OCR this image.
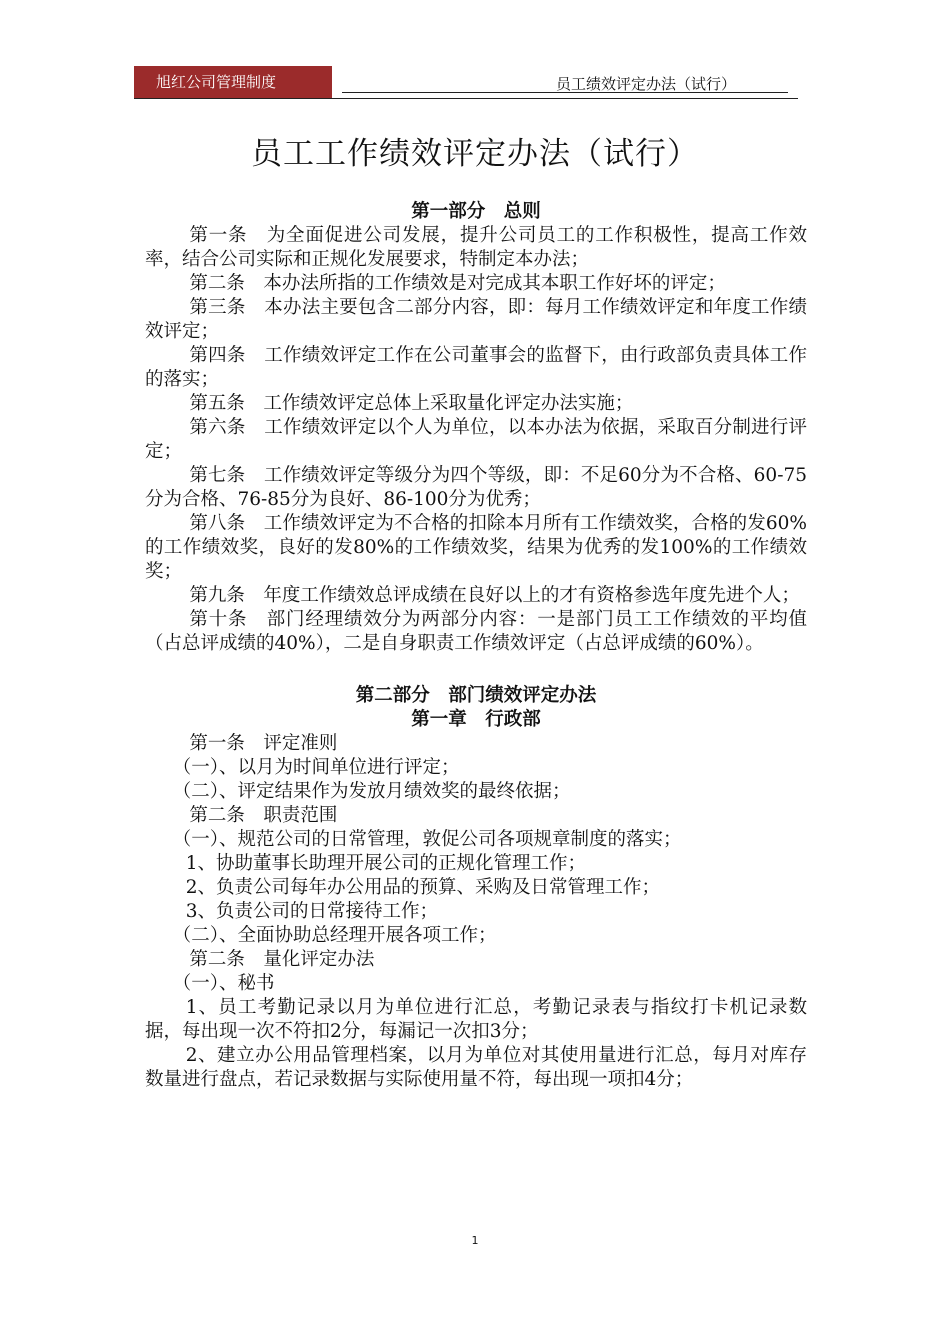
旭红公司管理制度	员工绩效评定办法（试行）
员工工作绩效评定办法（试行）
第一部分　总则

第一条　为全面促进公司发展，提升公司员工的工作积极性，提高工作效率，结合公司实际和正规化发展要求，特制定本办法；

第二条　本办法所指的工作绩效是对完成其本职工作好坏的评定；

第三条　本办法主要包含二部分内容，即：每月工作绩效评定和年度工作绩效评定；

第四条　工作绩效评定工作在公司董事会的监督下，由行政部负责具体工作的落实；

第五条　工作绩效评定总体上采取量化评定办法实施；

第六条　工作绩效评定以个人为单位，以本办法为依据，采取百分制进行评定；

第七条　工作绩效评定等级分为四个等级，即：不足60分为不合格、60-75分为合格、76-85分为良好、86-100分为优秀；

第八条　工作绩效评定为不合格的扣除本月所有工作绩效奖，合格的发60%的工作绩效奖，良好的发80%的工作绩效奖，结果为优秀的发100%的工作绩效奖；

第九条　年度工作绩效总评成绩在良好以上的才有资格参选年度先进个人；

第十条　部门经理绩效分为两部分内容：一是部门员工工作绩效的平均值（占总评成绩的40%），二是自身职责工作绩效评定（占总评成绩的60%）。

第二部分　部门绩效评定办法
第一章　行政部

第一条　评定准则

（一）、以月为时间单位进行评定；

（二）、评定结果作为发放月绩效奖的最终依据；

第二条　职责范围

（一）、规范公司的日常管理，敦促公司各项规章制度的落实；

1、协助董事长助理开展公司的正规化管理工作；

2、负责公司每年办公用品的预算、采购及日常管理工作；

3、负责公司的日常接待工作；

（二）、全面协助总经理开展各项工作；

第二条　量化评定办法

（一）、秘书

1、员工考勤记录以月为单位进行汇总，考勤记录表与指纹打卡机记录数据，每出现一次不符扣2分，每漏记一次扣3分；

2、建立办公用品管理档案，以月为单位对其使用量进行汇总，每月对库存数量进行盘点，若记录数据与实际使用量不符，每出现一项扣4分；

1
